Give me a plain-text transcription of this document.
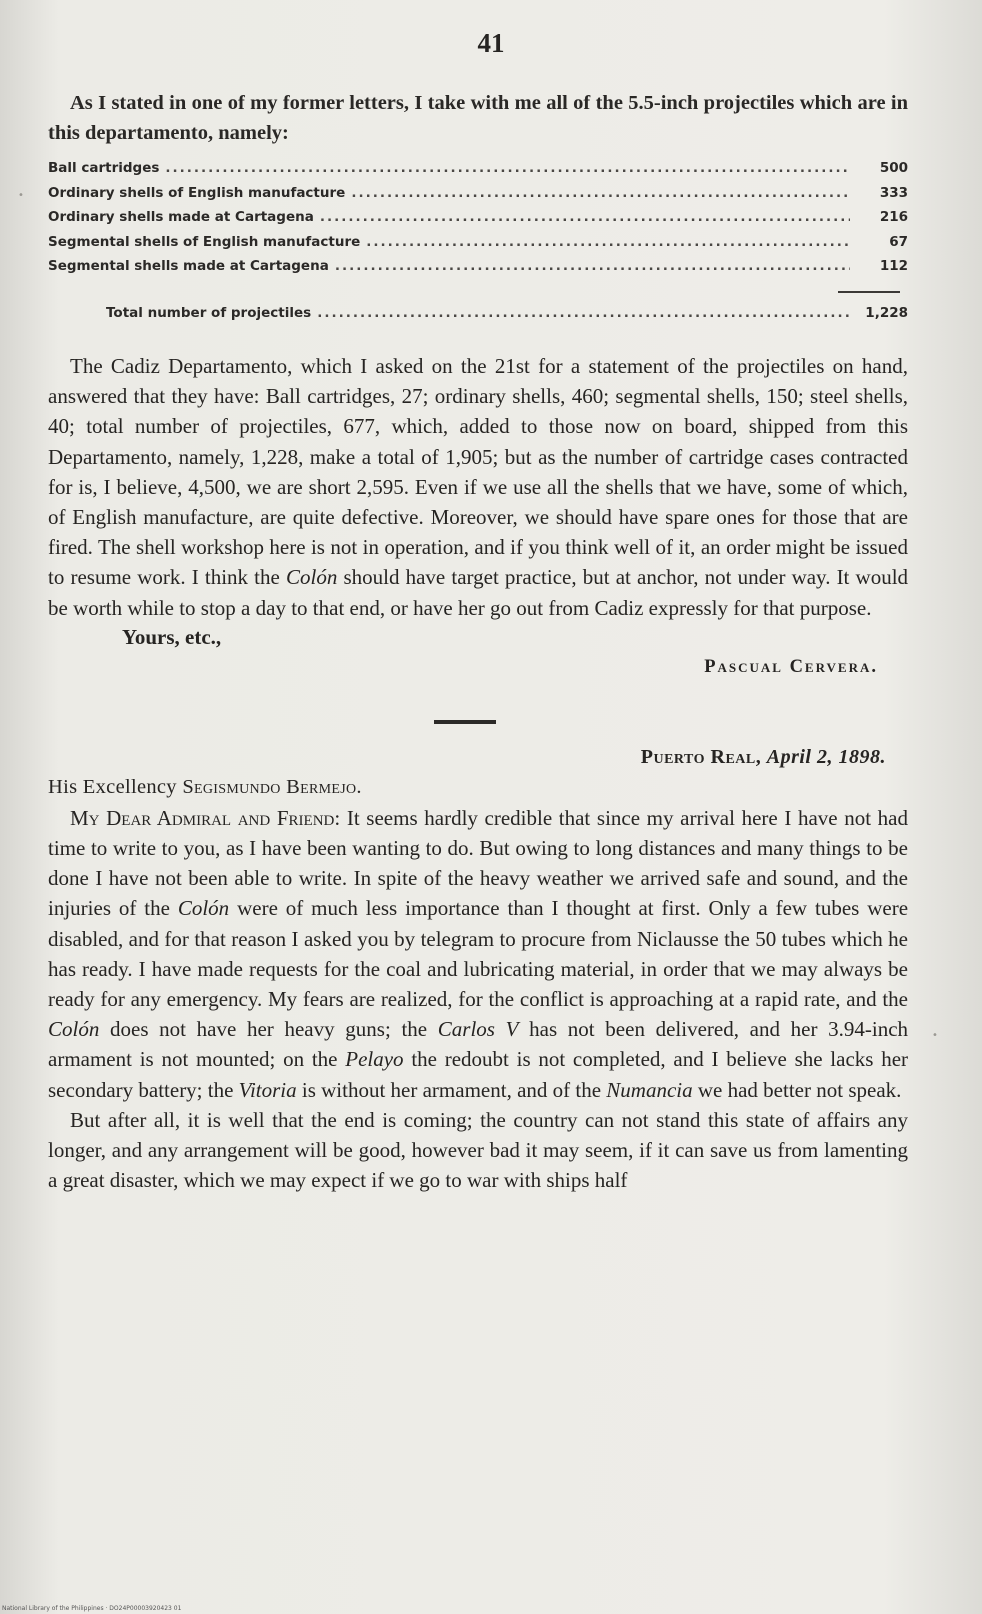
•
•
41

As I stated in one of my former letters, I take with me all of the 5.5-inch projectiles which are in this departamento, namely:

Ball cartridges .....	500
Ordinary shells of English manufacture .....	333
Ordinary shells made at Cartagena .....	216
Segmental shells of English manufacture .....	67
Segmental shells made at Cartagena .....	112
Total number of projectiles .....	1,228

The Cadiz Departamento, which I asked on the 21st for a statement of the projectiles on hand, answered that they have: Ball cartridges, 27; ordinary shells, 460; segmental shells, 150; steel shells, 40; total number of projectiles, 677, which, added to those now on board, shipped from this Departamento, namely, 1,228, make a total of 1,905; but as the number of cartridge cases contracted for is, I believe, 4,500, we are short 2,595. Even if we use all the shells that we have, some of which, of English manufacture, are quite defective. Moreover, we should have spare ones for those that are fired. The shell workshop here is not in operation, and if you think well of it, an order might be issued to resume work. I think the Colón should have target practice, but at anchor, not under way. It would be worth while to stop a day to that end, or have her go out from Cadiz expressly for that purpose.

Yours, etc.,

Pascual Cervera.

Puerto Real, April 2, 1898.

His Excellency Segismundo Bermejo.

My Dear Admiral and Friend: It seems hardly credible that since my arrival here I have not had time to write to you, as I have been wanting to do. But owing to long distances and many things to be done I have not been able to write. In spite of the heavy weather we arrived safe and sound, and the injuries of the Colón were of much less importance than I thought at first. Only a few tubes were disabled, and for that reason I asked you by telegram to procure from Niclausse the 50 tubes which he has ready. I have made requests for the coal and lubricating material, in order that we may always be ready for any emergency. My fears are realized, for the conflict is approaching at a rapid rate, and the Colón does not have her heavy guns; the Carlos V has not been delivered, and her 3.94-inch armament is not mounted; on the Pelayo the redoubt is not completed, and I believe she lacks her secondary battery; the Vitoria is without her armament, and of the Numancia we had better not speak.

But after all, it is well that the end is coming; the country can not stand this state of affairs any longer, and any arrangement will be good, however bad it may seem, if it can save us from lamenting a great disaster, which we may expect if we go to war with ships half

National Library of the Philippines · DO24P00003920423 01
